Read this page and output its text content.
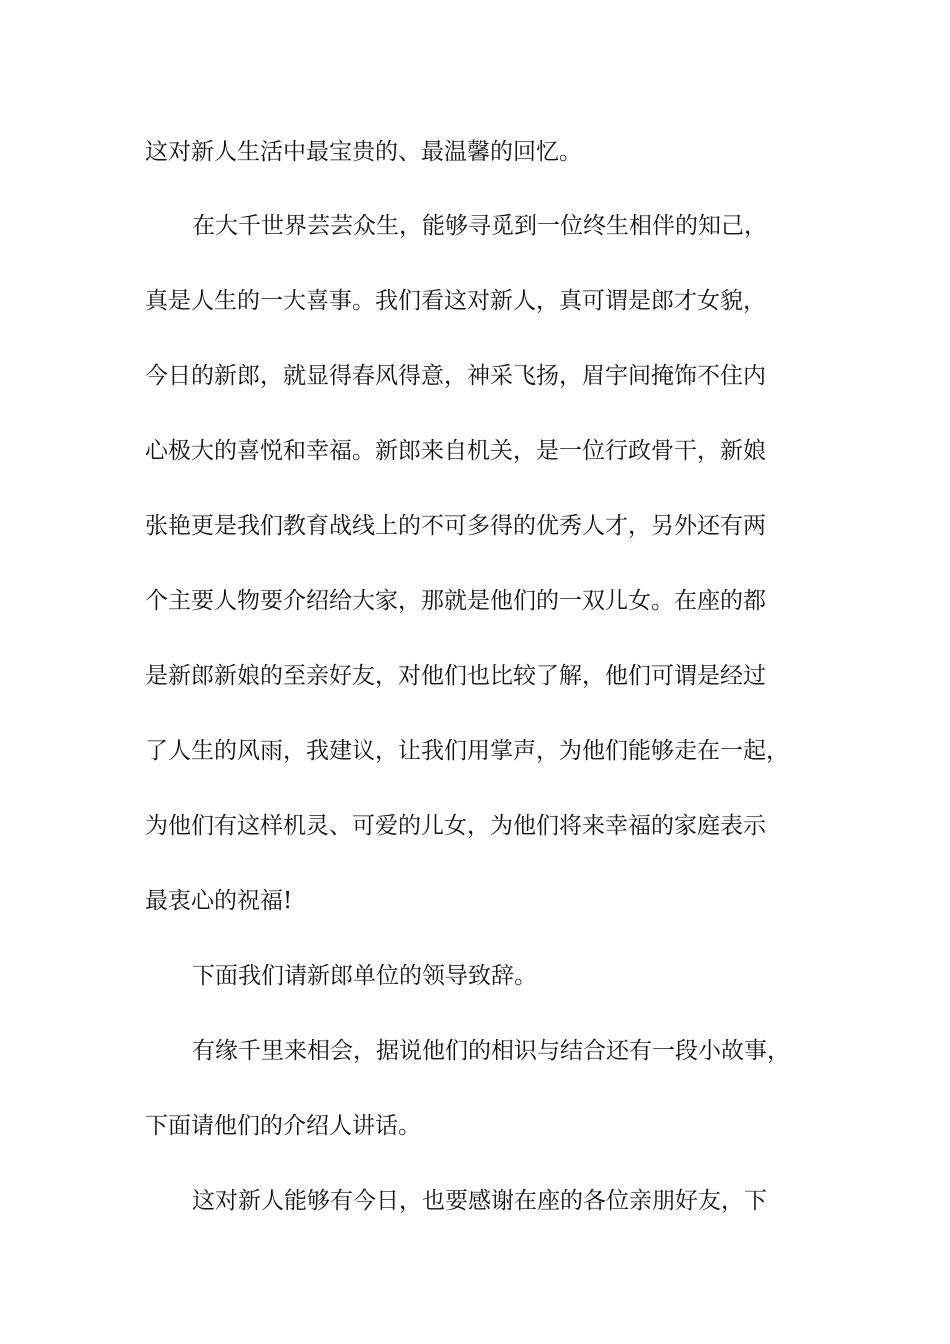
这对新人生活中最宝贵的、最温馨的回忆。

在大千世界芸芸众生，能够寻觅到一位终生相伴的知己，

真是人生的一大喜事。我们看这对新人，真可谓是郎才女貌，

今日的新郎，就显得春风得意，神采飞扬，眉宇间掩饰不住内

心极大的喜悦和幸福。新郎来自机关，是一位行政骨干，新娘

张艳更是我们教育战线上的不可多得的优秀人才，另外还有两

个主要人物要介绍给大家，那就是他们的一双儿女。在座的都

是新郎新娘的至亲好友，对他们也比较了解，他们可谓是经过

了人生的风雨，我建议，让我们用掌声，为他们能够走在一起，

为他们有这样机灵、可爱的儿女，为他们将来幸福的家庭表示

最衷心的祝福!

下面我们请新郎单位的领导致辞。

有缘千里来相会，据说他们的相识与结合还有一段小故事，

下面请他们的介绍人讲话。

这对新人能够有今日，也要感谢在座的各位亲朋好友，下
